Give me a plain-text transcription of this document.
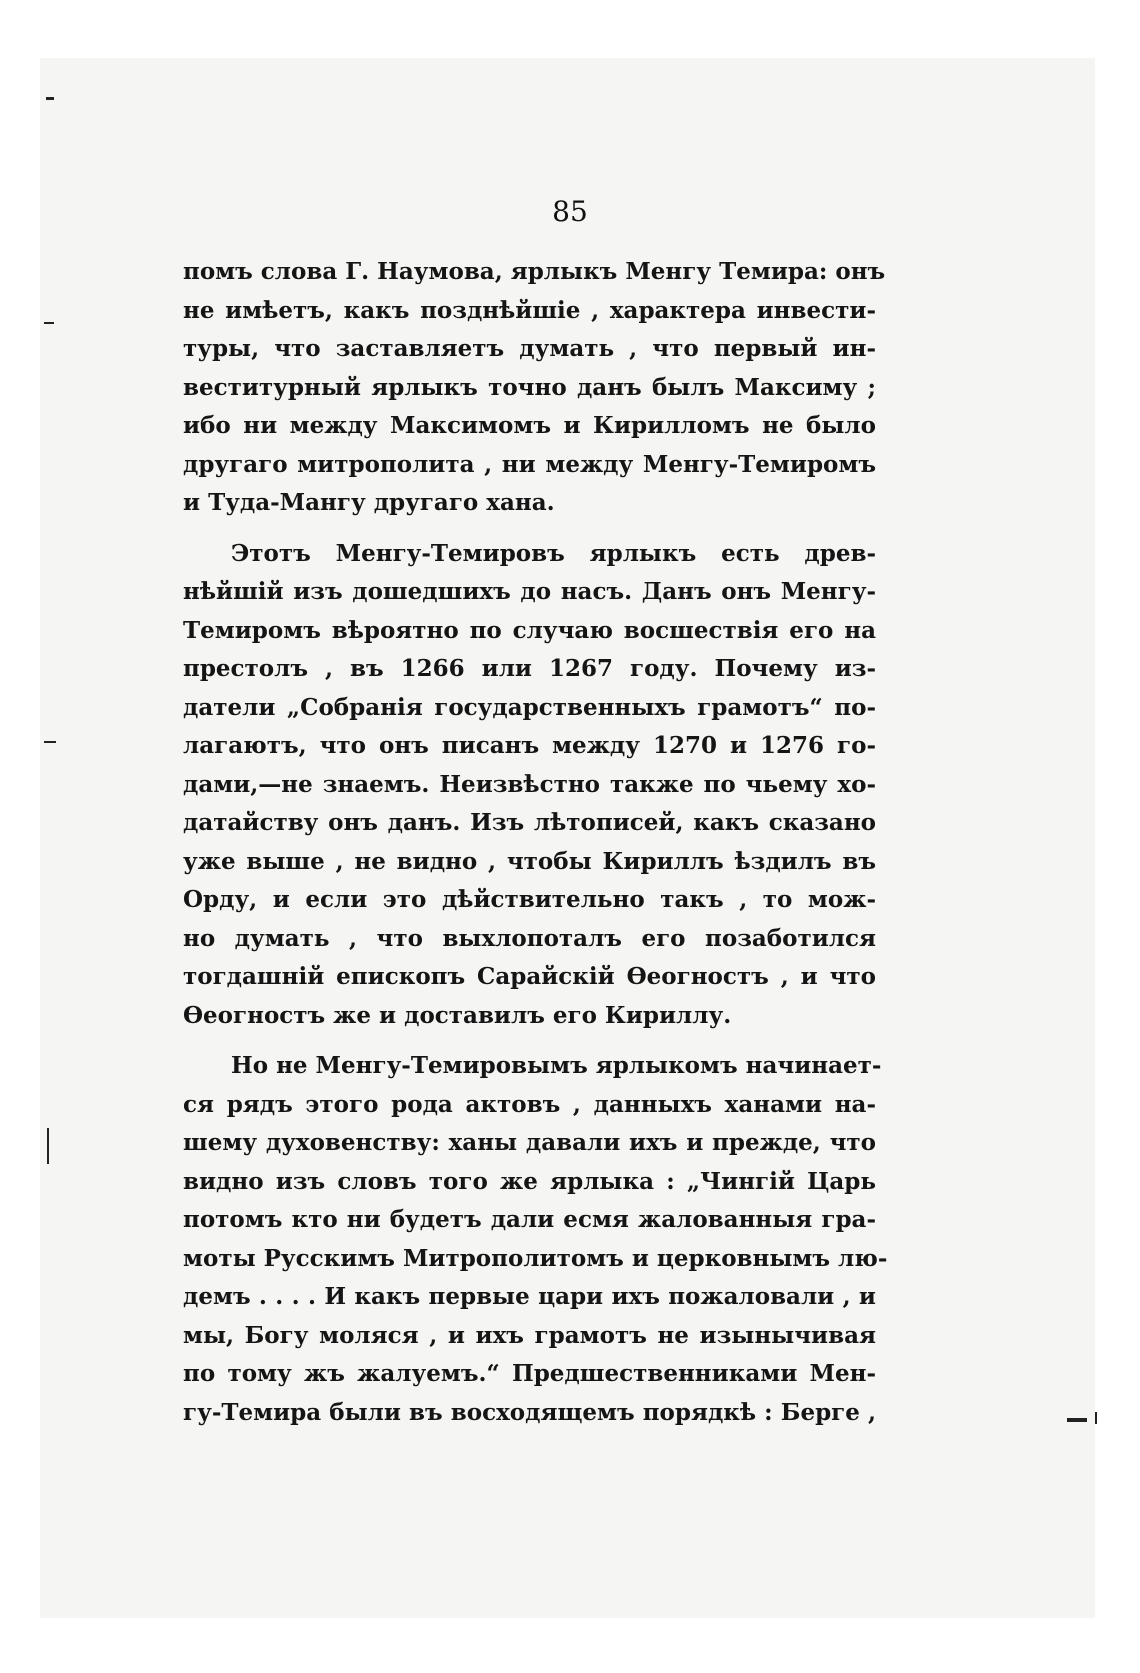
85

помъ слова Г. Наумова, ярлыкъ Менгу Темира: онъ
не имѣетъ, какъ позднѣйшіе , характера инвести-
туры, что заставляетъ думать , что первый ин-
веститурный ярлыкъ точно данъ былъ Максиму ;
ибо ни между Максимомъ и Кирилломъ не было
другаго митрополита , ни между Менгу-Темиромъ
и Туда-Мангу другаго хана.
Этотъ Менгу-Темировъ ярлыкъ есть древ-
нѣйшій изъ дошедшихъ до насъ. Данъ онъ Менгу-
Темиромъ вѣроятно по случаю восшествія его на
престолъ , въ 1266 или 1267 году. Почему из-
датели „Собранія государственныхъ грамотъ“ по-
лагаютъ, что онъ писанъ между 1270 и 1276 го-
дами,—не знаемъ. Неизвѣстно также по чьему хо-
датайству онъ данъ. Изъ лѣтописей, какъ сказано
уже выше , не видно , чтобы Кириллъ ѣздилъ въ
Орду, и если это дѣйствительно такъ , то мож-
но думать , что выхлопоталъ его позаботился
тогдашній епископъ Сарайскій Ѳеогностъ , и что
Ѳеогностъ же и доставилъ его Кириллу.
Но не Менгу-Темировымъ ярлыкомъ начинает-
ся рядъ этого рода актовъ , данныхъ ханами на-
шему духовенству: ханы давали ихъ и прежде, что
видно изъ словъ того же ярлыка : „Чингій Царь
потомъ кто ни будетъ дали есмя жалованныя гра-
моты Русскимъ Митрополитомъ и церковнымъ лю-
демъ . . . . И какъ первые цари ихъ пожаловали , и
мы, Богу моляся , и ихъ грамотъ не изынычивая
по тому жъ жалуемъ.“ Предшественниками Мен-
гу-Темира были въ восходящемъ порядкѣ : Берге ,
